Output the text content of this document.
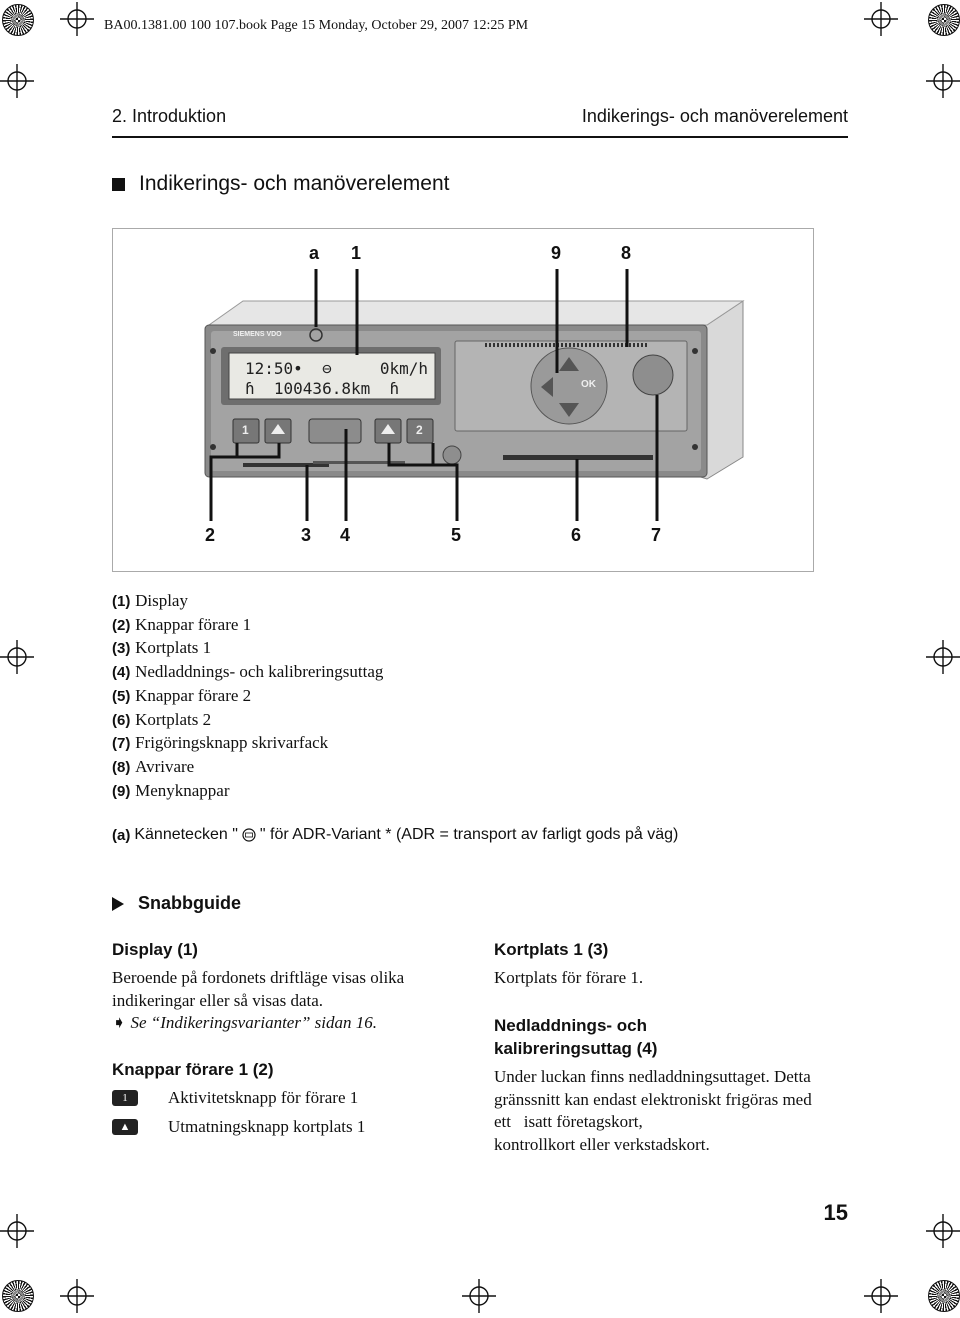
BA00.1381.00 100 107.book Page 15 Monday, October 29, 2007 12:25 PM
2. Introduktion	Indikerings- och manöverelement
Indikerings- och manöverelement
SIEMENS VDO
12:50•  ⊖     0km/h
ɦ  100436.8km  ɦ	OK
1	2
a 1	9	8
2	3 4	5	6	7
(1) Display
(2) Knappar förare 1
(3) Kortplats 1
(4) Nedladdnings- och kalibreringsuttag
(5) Knappar förare 2
(6) Kortplats 2
(7) Frigöringsknapp skrivarfack
(8) Avrivare
(9) Menyknappar
(a) Kännetecken " " för ADR-Variant * (ADR = transport av farligt gods på väg)
Snabbguide
Display (1)
Beroende på fordonets driftläge visas olika
indikeringar eller så visas data.
➧ Se “Indikeringsvarianter” sidan 16.
Knappar förare 1 (2)
1	Aktivitetsknapp för förare 1
▲	Utmatningsknapp kortplats 1
Kortplats 1 (3)
Kortplats för förare 1.
Nedladdnings- och
kalibreringsuttag (4)
Under luckan finns nedladdningsuttaget. Detta
gränssnitt kan endast elektroniskt frigöras med
ett   isatt företagskort,
kontrollkort eller verkstadskort.
15
